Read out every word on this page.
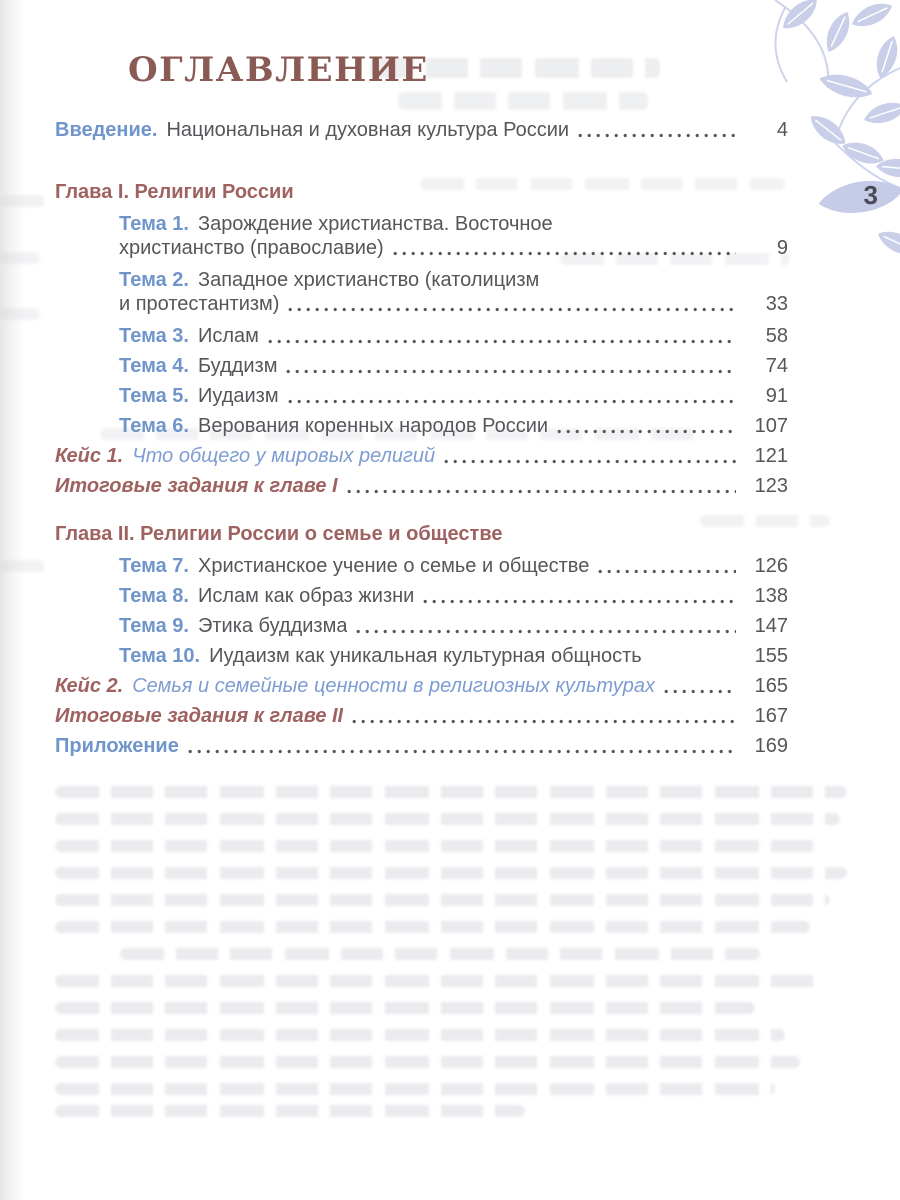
3
ОГЛАВЛЕНИЕ
Введение. Национальная и духовная культура России	4
Глава I. Религии России
Тема 1. Зарождение христианства. Восточное
христианство (православие)	9
Тема 2. Западное христианство (католицизм
и протестантизм)	33
Тема 3. Ислам	58
Тема 4. Буддизм	74
Тема 5. Иудаизм	91
Тема 6. Верования коренных народов России	107
Кейс 1. Что общего у мировых религий	121
Итоговые задания к главе I	123
Глава II. Религии России о семье и обществе
Тема 7. Христианское учение о семье и обществе	126
Тема 8. Ислам как образ жизни	138
Тема 9. Этика буддизма	147
Тема 10. Иудаизм как уникальная культурная общность	155
Кейс 2. Семья и семейные ценности в религиозных культурах	165
Итоговые задания к главе II	167
Приложение	169
